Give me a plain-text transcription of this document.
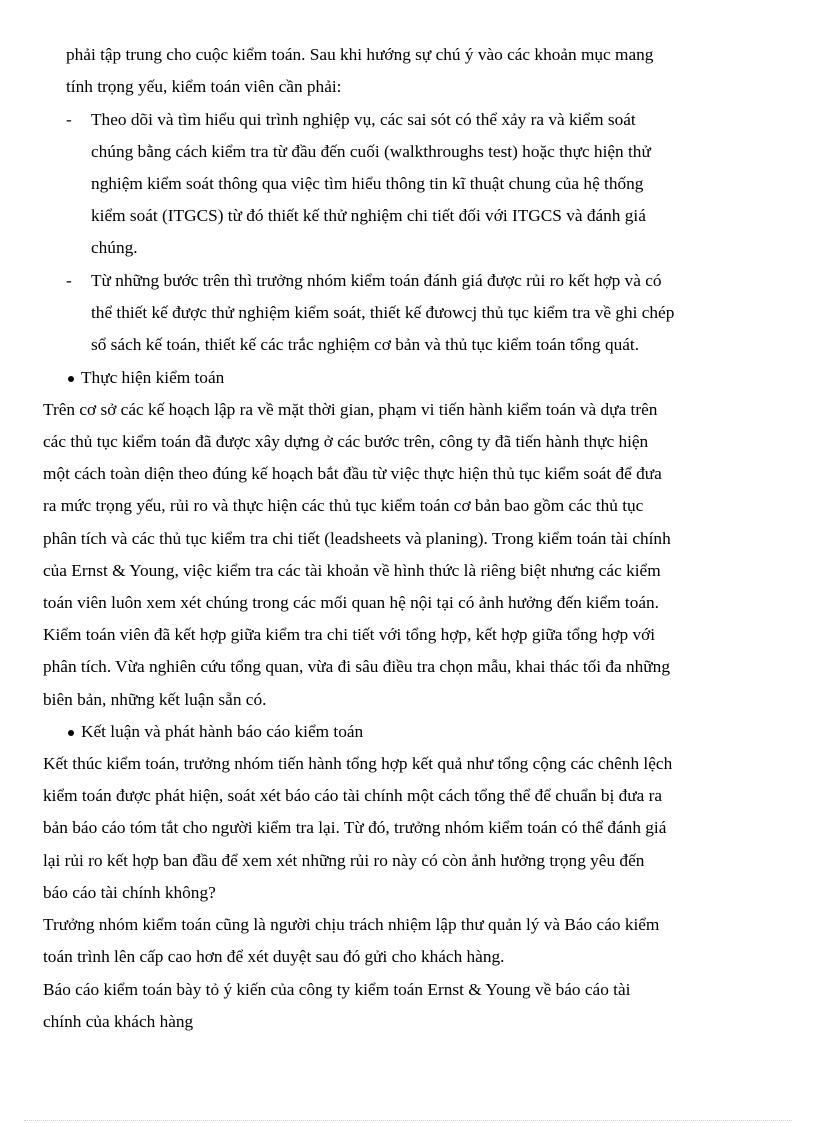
phải tập trung cho cuộc kiểm toán. Sau khi hướng sự chú ý vào các khoản mục mang

tính trọng yếu, kiểm toán viên cần phải:

- Theo dõi và tìm hiểu qui trình nghiệp vụ, các sai sót có thể xảy ra và kiểm soát

chúng bằng cách kiểm tra từ đầu đến cuối (walkthroughs test) hoặc thực hiện thử

nghiệm kiểm soát thông qua việc tìm hiểu thông tin kĩ thuật chung của hệ thống

kiểm soát (ITGCS) từ đó thiết kế thử nghiệm chi tiết đối với ITGCS và đánh giá

chúng.

- Từ những bước trên thì trưởng nhóm kiểm toán đánh giá được rủi ro kết hợp và có

thể thiết kế được thử nghiệm kiểm soát, thiết kế đưowcj thủ tục kiểm tra về ghi chép

sổ sách kế toán, thiết kế các trắc nghiệm cơ bản và thủ tục kiểm toán tổng quát.

Thực hiện kiểm toán

Trên cơ sở các kế hoạch lập ra về mặt thời gian, phạm vi tiến hành kiểm toán và dựa trên

các thủ tục kiểm toán đã được xây dựng ở các bước trên, công ty đã tiến hành thực hiện

một cách toàn diện theo đúng kế hoạch bắt đầu từ việc thực hiện thủ tục kiểm soát để đưa

ra mức trọng yếu, rủi ro và thực hiện các thủ tục kiểm toán cơ bản bao gồm các thủ tục

phân tích và các thủ tục kiểm tra chi tiết (leadsheets và planing). Trong kiểm toán tài chính

của Ernst & Young, việc kiểm tra các tài khoản về hình thức là riêng biệt nhưng các kiểm

toán viên luôn xem xét chúng trong các mối quan hệ nội tại có ảnh hưởng đến kiểm toán.

Kiểm toán viên đã kết hợp giữa kiểm tra chi tiết với tổng hợp, kết hợp giữa tổng hợp với

phân tích. Vừa nghiên cứu tổng quan, vừa đi sâu điều tra chọn mẫu, khai thác tối đa những

biên bản, những kết luận sẵn có.

Kết luận và phát hành báo cáo kiểm toán

Kết thúc kiểm toán, trưởng nhóm tiến hành tổng hợp kết quả như tổng cộng các chênh lệch

kiểm toán được phát hiện, soát xét báo cáo tài chính một cách tổng thể để chuẩn bị đưa ra

bản báo cáo tóm tắt cho người kiểm tra lại. Từ đó, trưởng nhóm kiểm toán có thể đánh giá

lại rủi ro kết hợp ban đầu để xem xét những rủi ro này có còn ảnh hưởng trọng yêu đến

báo cáo tài chính không?

Trưởng nhóm kiểm toán cũng là người chịu trách nhiệm lập thư quản lý và Báo cáo kiểm

toán trình lên cấp cao hơn để xét duyệt sau đó gửi cho khách hàng.

Báo cáo kiểm toán bày tỏ ý kiến của công ty kiểm toán Ernst & Young về báo cáo tài

chính của khách hàng
